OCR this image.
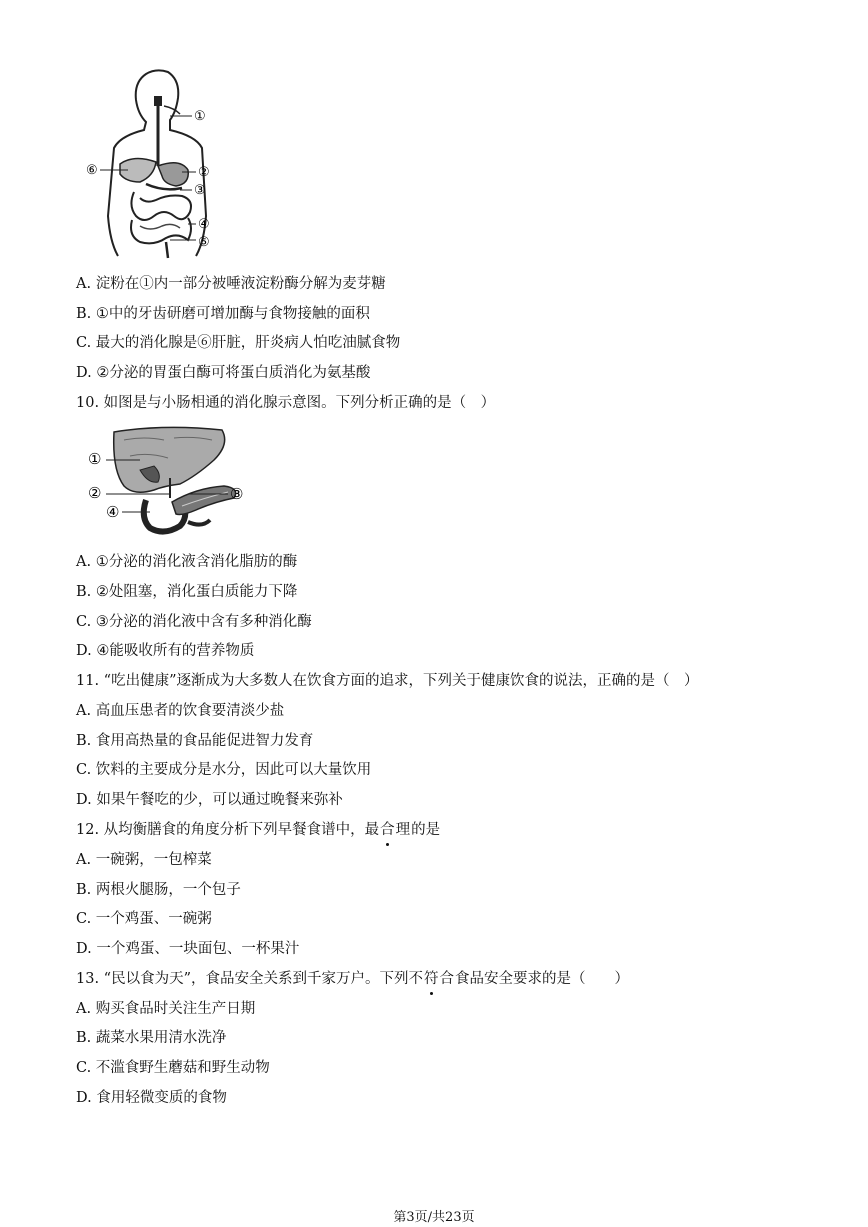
①
②
③
④
⑤
⑥
A. 淀粉在①内一部分被唾液淀粉酶分解为麦芽糖
B. ①中的牙齿研磨可增加酶与食物接触的面积
C. 最大的消化腺是⑥肝脏，肝炎病人怕吃油腻食物
D. ②分泌的胃蛋白酶可将蛋白质消化为氨基酸
10. 如图是与小肠相通的消化腺示意图。下列分析正确的是（　）
①
②	③
④
A. ①分泌的消化液含消化脂肪的酶
B. ②处阻塞，消化蛋白质能力下降
C. ③分泌的消化液中含有多种消化酶
D. ④能吸收所有的营养物质
11. “吃出健康”逐渐成为大多数人在饮食方面的追求，下列关于健康饮食的说法，正确的是（　）
A. 高血压患者的饮食要清淡少盐
B. 食用高热量的食品能促进智力发育
C. 饮料的主要成分是水分，因此可以大量饮用
D. 如果午餐吃的少，可以通过晚餐来弥补
12. 从均衡膳食的角度分析下列早餐食谱中，最合理的是
A. 一碗粥，一包榨菜
B. 两根火腿肠，一个包子
C. 一个鸡蛋、一碗粥
D. 一个鸡蛋、一块面包、一杯果汁
13. “民以食为天”，食品安全关系到千家万户。下列不符合食品安全要求的是（　　）
A. 购买食品时关注生产日期
B. 蔬菜水果用清水洗净
C. 不滥食野生蘑菇和野生动物
D. 食用轻微变质的食物
第3页/共23页
